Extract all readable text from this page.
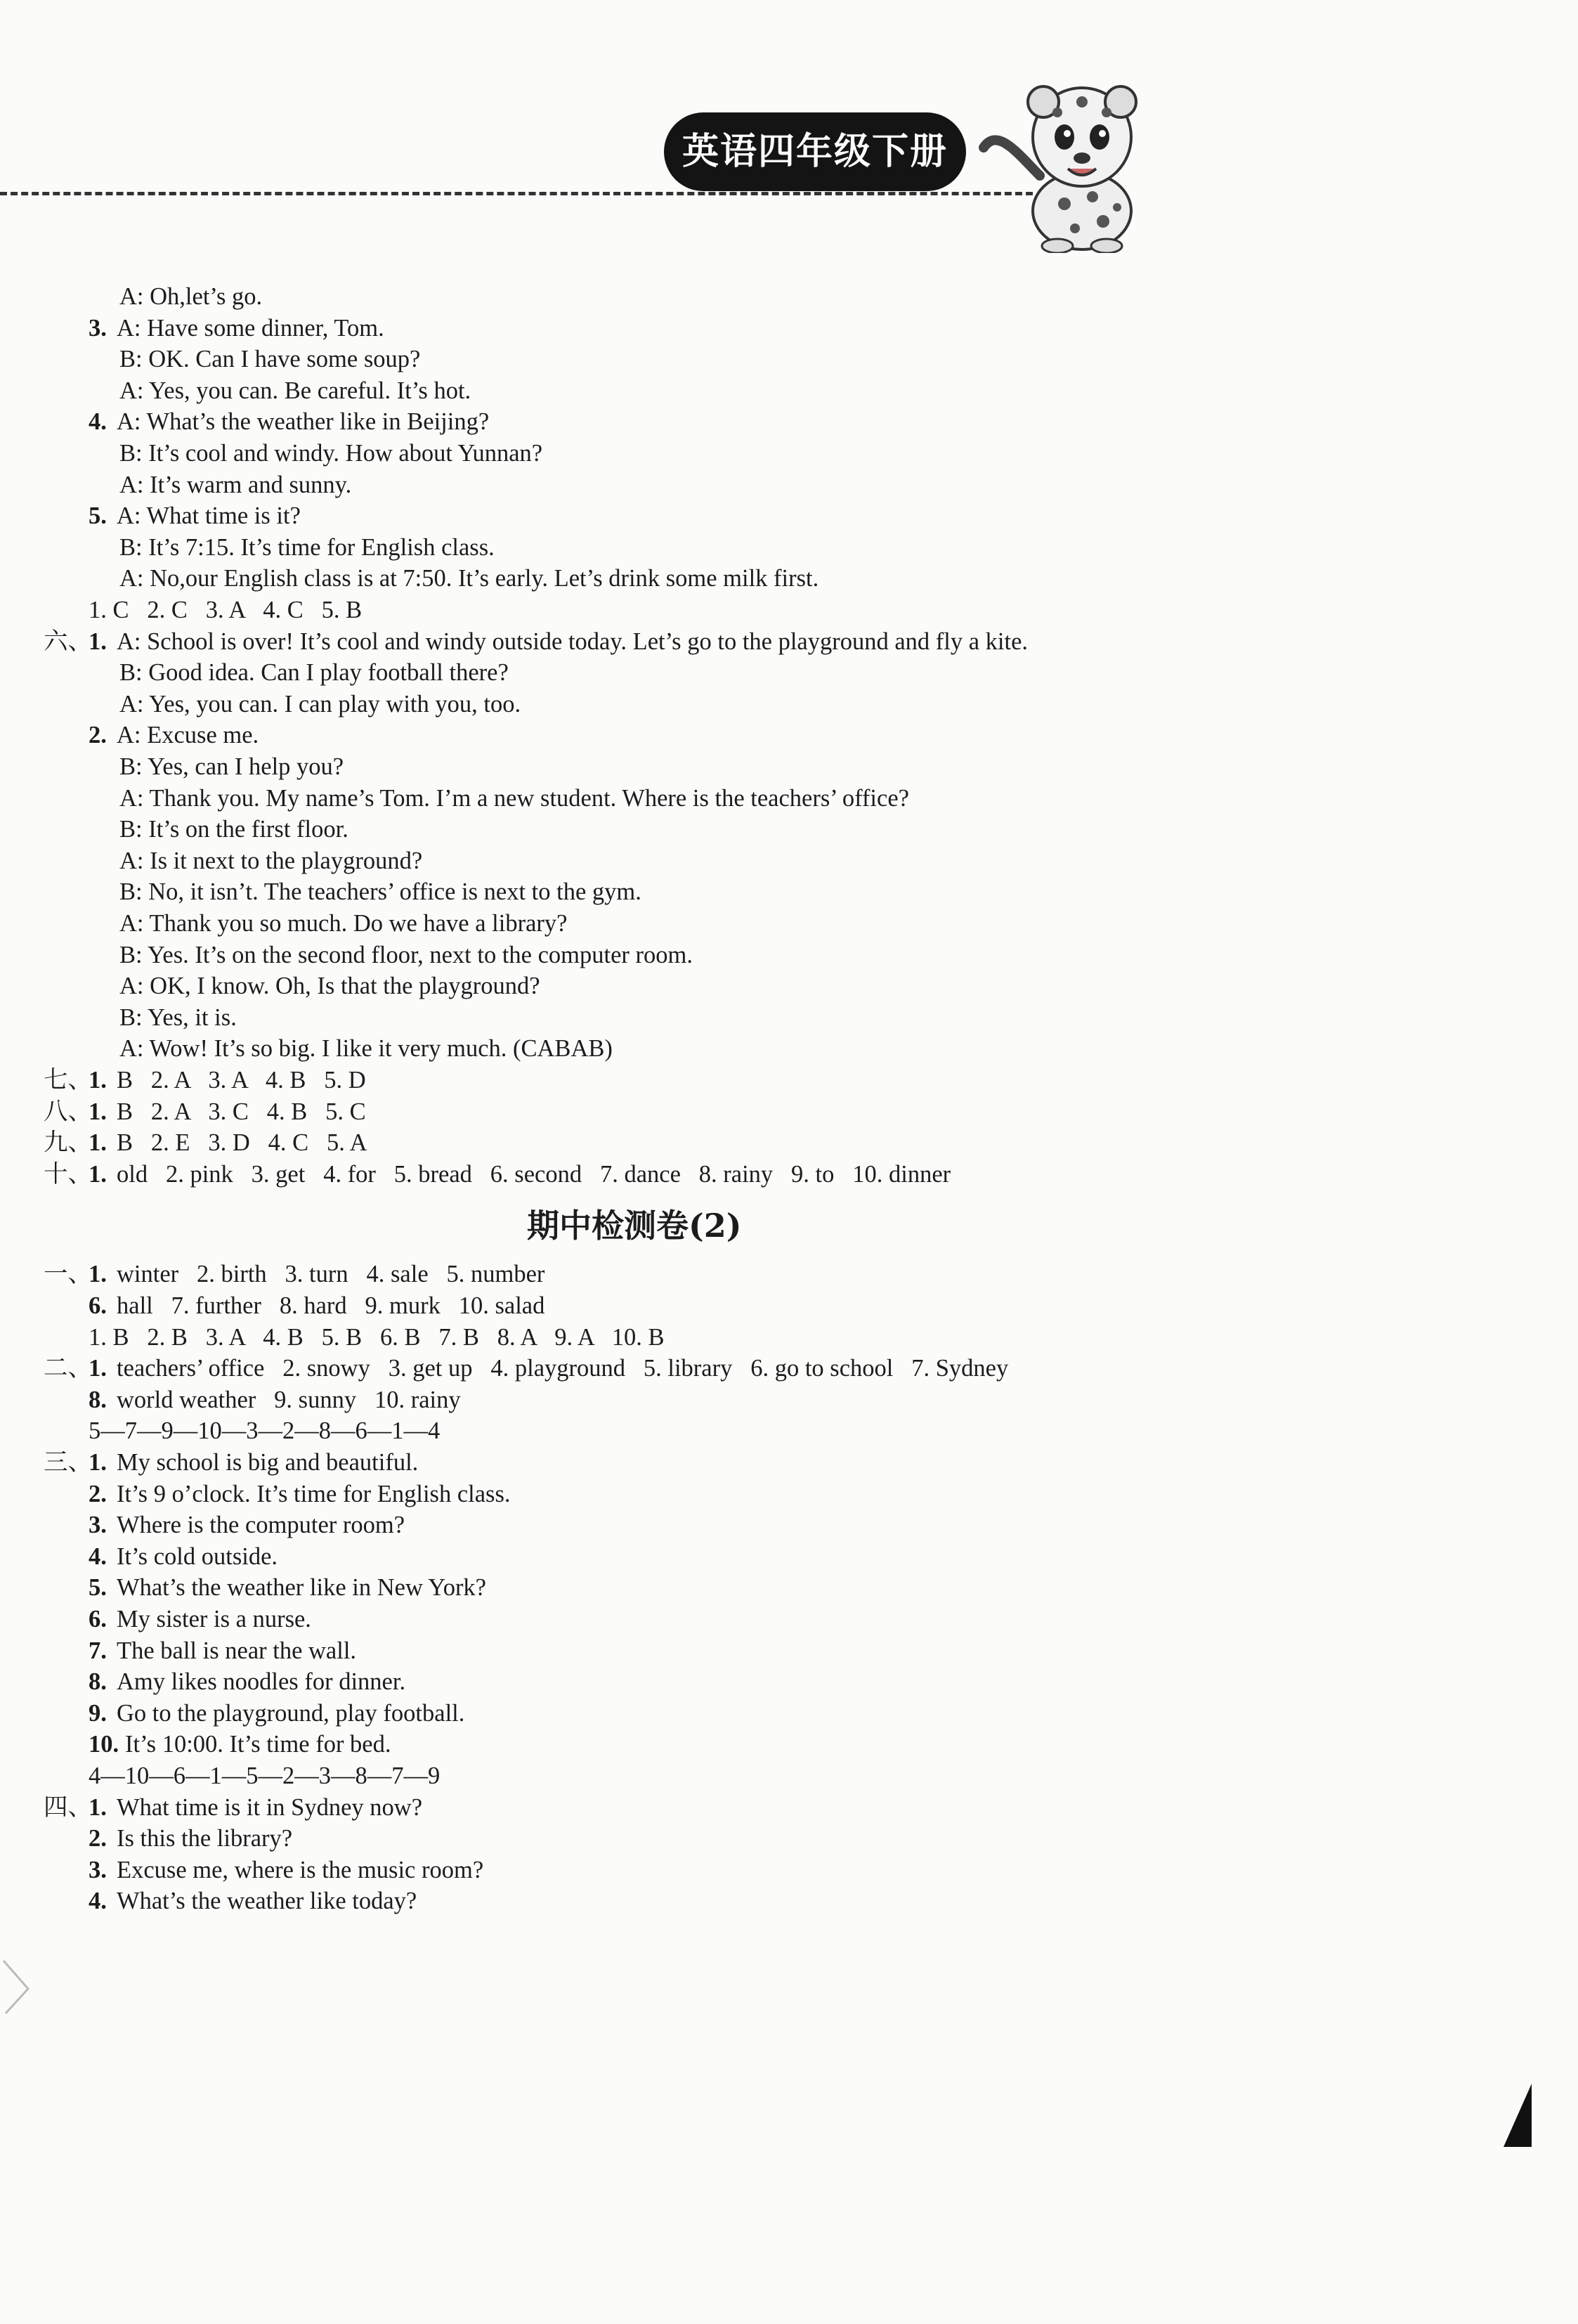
英语四年级下册
A: Oh,let’s go.
3. A: Have some dinner, Tom.
B: OK. Can I have some soup?
A: Yes, you can. Be careful. It’s hot.
4. A: What’s the weather like in Beijing?
B: It’s cool and windy. How about Yunnan?
A: It’s warm and sunny.
5. A: What time is it?
B: It’s 7:15. It’s time for English class.
A: No,our English class is at 7:50. It’s early. Let’s drink some milk first.
1. C   2. C   3. A   4. C   5. B
六、
1. A: School is over! It’s cool and windy outside today. Let’s go to the playground and fly a kite.
B: Good idea. Can I play football there?
A: Yes, you can. I can play with you, too.
2. A: Excuse me.
B: Yes, can I help you?
A: Thank you. My name’s Tom. I’m a new student. Where is the teachers’ office?
B: It’s on the first floor.
A: Is it next to the playground?
B: No, it isn’t. The teachers’ office is next to the gym.
A: Thank you so much. Do we have a library?
B: Yes. It’s on the second floor, next to the computer room.
A: OK, I know. Oh, Is that the playground?
B: Yes, it is.
A: Wow! It’s so big. I like it very much. (CABAB)
七、
1. B   2. A   3. A   4. B   5. D
八、
1. B   2. A   3. C   4. B   5. C
九、
1. B   2. E   3. D   4. C   5. A
十、
1. old   2. pink   3. get   4. for   5. bread   6. second   7. dance   8. rainy   9. to   10. dinner
期中检测卷(2)
一、
1. winter   2. birth   3. turn   4. sale   5. number
6. hall   7. further   8. hard   9. murk   10. salad
1. B   2. B   3. A   4. B   5. B   6. B   7. B   8. A   9. A   10. B
二、
1. teachers’ office   2. snowy   3. get up   4. playground   5. library   6. go to school   7. Sydney
8. world weather   9. sunny   10. rainy
5—7—9—10—3—2—8—6—1—4
三、
1. My school is big and beautiful.
2. It’s 9 o’clock. It’s time for English class.
3. Where is the computer room?
4. It’s cold outside.
5. What’s the weather like in New York?
6. My sister is a nurse.
7. The ball is near the wall.
8. Amy likes noodles for dinner.
9. Go to the playground, play football.
10. It’s 10:00. It’s time for bed.
4—10—6—1—5—2—3—8—7—9
四、
1. What time is it in Sydney now?
2. Is this the library?
3. Excuse me, where is the music room?
4. What’s the weather like today?
